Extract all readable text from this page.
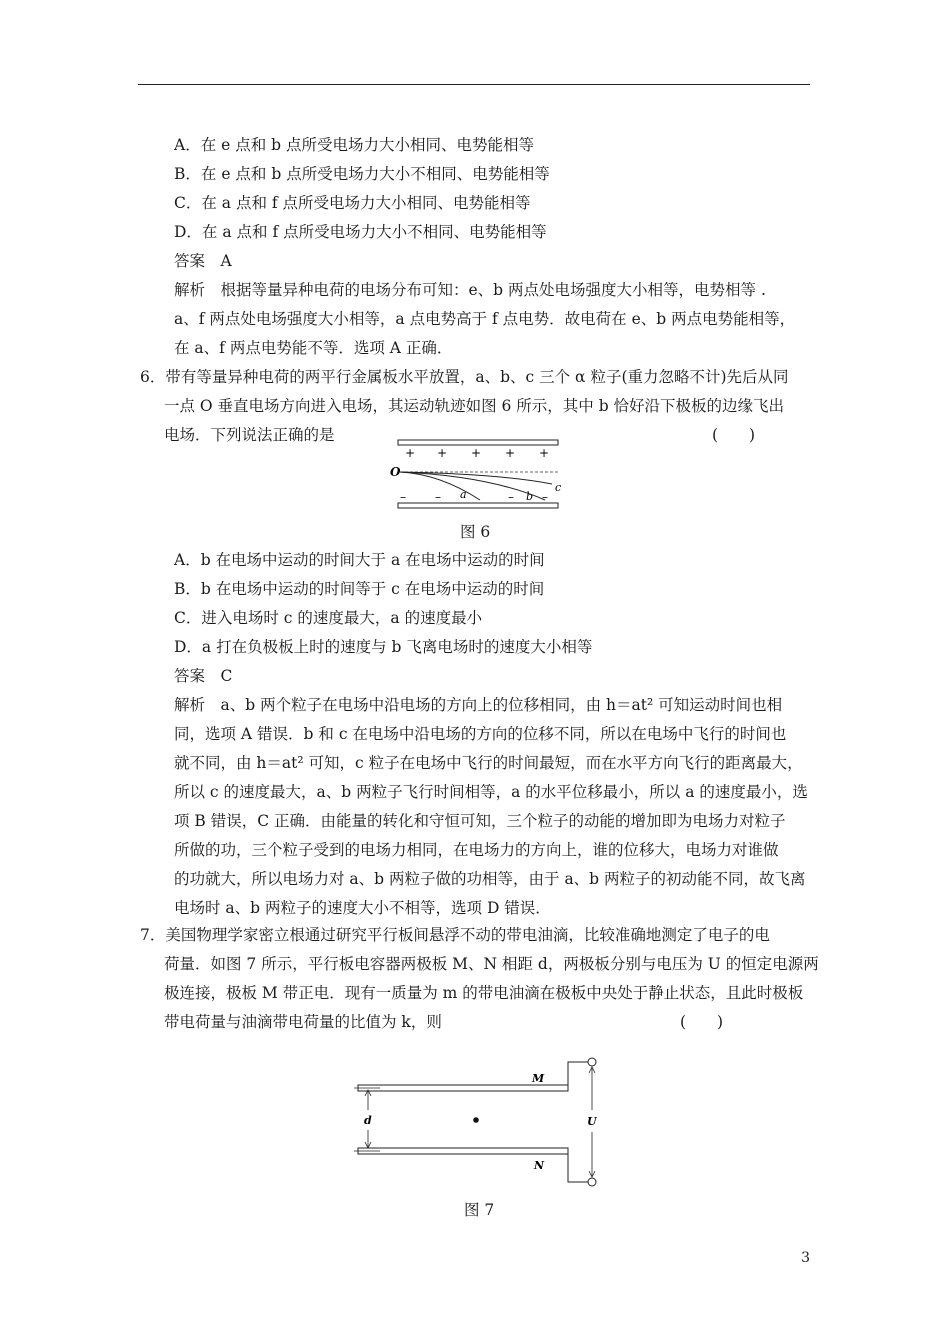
A．在 e 点和 b 点所受电场力大小相同、电势能相等
B．在 e 点和 b 点所受电场力大小不相同、电势能相等
C．在 a 点和 f 点所受电场力大小相同、电势能相等
D．在 a 点和 f 点所受电场力大小不相同、电势能相等
答案　A
解析　根据等量异种电荷的电场分布可知：e、b 两点处电场强度大小相等，电势相等 .
a、f 两点处电场强度大小相等，a 点电势高于 f 点电势．故电荷在 e、b 两点电势能相等，
在 a、f 两点电势能不等．选项 A 正确．
6．带有等量异种电荷的两平行金属板水平放置，a、b、c 三个 α 粒子(重力忽略不计)先后从同
一点 O 垂直电场方向进入电场，其运动轨迹如图 6 所示，其中 b 恰好沿下极板的边缘飞出
电场．下列说法正确的是	(　　)
+ + + + +
O
a	b
c
– –	– –
图 6
A．b 在电场中运动的时间大于 a 在电场中运动的时间
B．b 在电场中运动的时间等于 c 在电场中运动的时间
C．进入电场时 c 的速度最大，a 的速度最小
D．a 打在负极板上时的速度与 b 飞离电场时的速度大小相等
答案　C
解析　a、b 两个粒子在电场中沿电场的方向上的位移相同，由 h＝at² 可知运动时间也相
同，选项 A 错误．b 和 c 在电场中沿电场的方向的位移不同，所以在电场中飞行的时间也
就不同，由 h＝at² 可知，c 粒子在电场中飞行的时间最短，而在水平方向飞行的距离最大，
所以 c 的速度最大，a、b 两粒子飞行时间相等，a 的水平位移最小，所以 a 的速度最小，选
项 B 错误，C 正确．由能量的转化和守恒可知，三个粒子的动能的增加即为电场力对粒子
所做的功，三个粒子受到的电场力相同，在电场力的方向上，谁的位移大，电场力对谁做
的功就大，所以电场力对 a、b 两粒子做的功相等，由于 a、b 两粒子的初动能不同，故飞离
电场时 a、b 两粒子的速度大小不相等，选项 D 错误．
7．美国物理学家密立根通过研究平行板间悬浮不动的带电油滴，比较准确地测定了电子的电
荷量．如图 7 所示，平行板电容器两极板 M、N 相距 d，两极板分别与电压为 U 的恒定电源两
极连接，极板 M 带正电．现有一质量为 m 的带电油滴在极板中央处于静止状态，且此时极板
带电荷量与油滴带电荷量的比值为 k，则	(　　)
M
N
d	U
图 7
3
